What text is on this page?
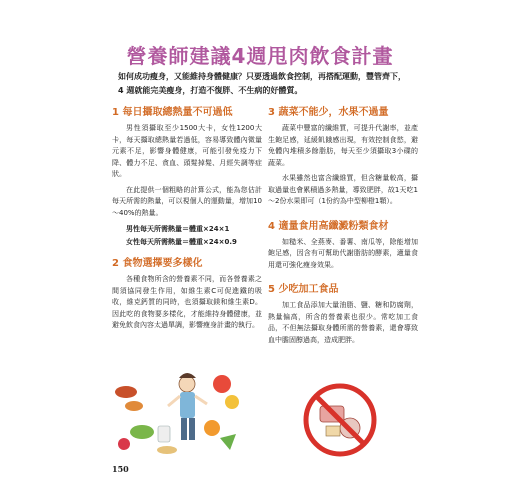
營養師建議4週甩肉飲食計畫
如何成功瘦身，又能維持身體健康？只要透過飲食控制，再搭配運動，豐管齊下，4 週就能完美瘦身，打造不復胖、不生病的好體質。
1 每日攝取總熱量不可過低

男性須攝取至少1500大卡，女性1200大卡，每天攝取總熱量若過低，容易導致體內微量元素不足，影響身體健康，可能引發免疫力下降、體力不足、貪血、頭髮掉髮、月經失調等症狀。

在此提供一個粗略的計算公式，能為您估計每天所需的熱量，可以視個人的運動量，增加10～40%的熱量。

男性每天所需熱量＝體重×24×1

女性每天所需熱量＝體重×24×0.9

2 食物選擇要多樣化

各種食物所含的營養素不同，而各營養素之間須協同發生作用，如維生素C可促進鐵的吸收，維克鈣質的同時，也須攝取鎂和維生素D。因此吃的食物要多樣化，才能維持身體健康，並避免飲食內容太過單調，影響瘦身計畫的執行。

3 蔬菜不能少，水果不過量

蔬菜中豐富的纖維質，可提升代謝率，並產生飽足感，延緩飢餓感出現，有效控制食慾，避免體內堆積多餘脂肪，每天至少須攝取3小碟的蔬菜。

水果雖然也富含纖維質，但含糖量較高，攝取過量也會累積過多熱量，導致肥胖，故1天吃1～2份水果即可（1份約為中型柳橙1顆）。

4 適量食用高纖澱粉類食材

如糙米、全燕麥、番薯、南瓜等，除能增加飽足感，因含有可幫助代謝脂肪的酵素，適量食用還可強化瘦身效果。

5 少吃加工食品

加工食品添加大量油脂、鹽、糖和防腐劑，熱量偏高，所含的營養素也很少。常吃加工食品，不但無法攝取身體所需的營養素，還會導致血中膽固醇過高，造成肥胖。

150
